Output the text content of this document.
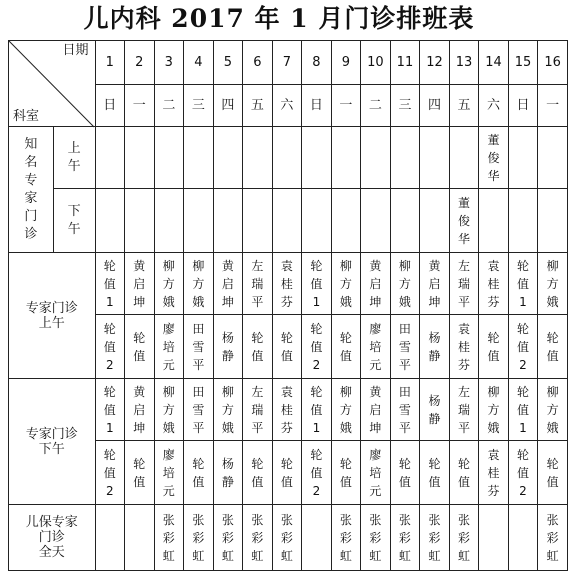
儿内科 2017 年 1 月门诊排班表
日期
科室		1	2	3	4	5	6	7	8	9	10	11	12	13	14	15	16
		日	一	二	三	四	五	六	日	一	二	三	四	五	六	日	一
知名专家门诊	上午														董俊华		
	下午													董俊华			

专家门诊
上午		轮值1	黄启坤	柳方娥	柳方娥	黄启坤	左瑞平	袁桂芬	轮值1	柳方娥	黄启坤	柳方娥	黄启坤	左瑞平	袁桂芬	轮值1	柳方娥
		轮值2	轮值	廖培元	田雪平	杨静	轮值	轮值	轮值2	轮值	廖培元	田雪平	杨静	袁桂芬	轮值	轮值2	轮值

专家门诊
下午		轮值1	黄启坤	柳方娥	田雪平	柳方娥	左瑞平	袁桂芬	轮值1	柳方娥	黄启坤	田雪平	杨静	左瑞平	柳方娥	轮值1	柳方娥
		轮值2	轮值	廖培元	轮值	杨静	轮值	轮值	轮值2	轮值	廖培元	轮值	轮值	轮值	袁桂芬	轮值2	轮值

儿保专家
门诊
全天				张彩虹	张彩虹	张彩虹	张彩虹	张彩虹		张彩虹	张彩虹	张彩虹	张彩虹	张彩虹			张彩虹
